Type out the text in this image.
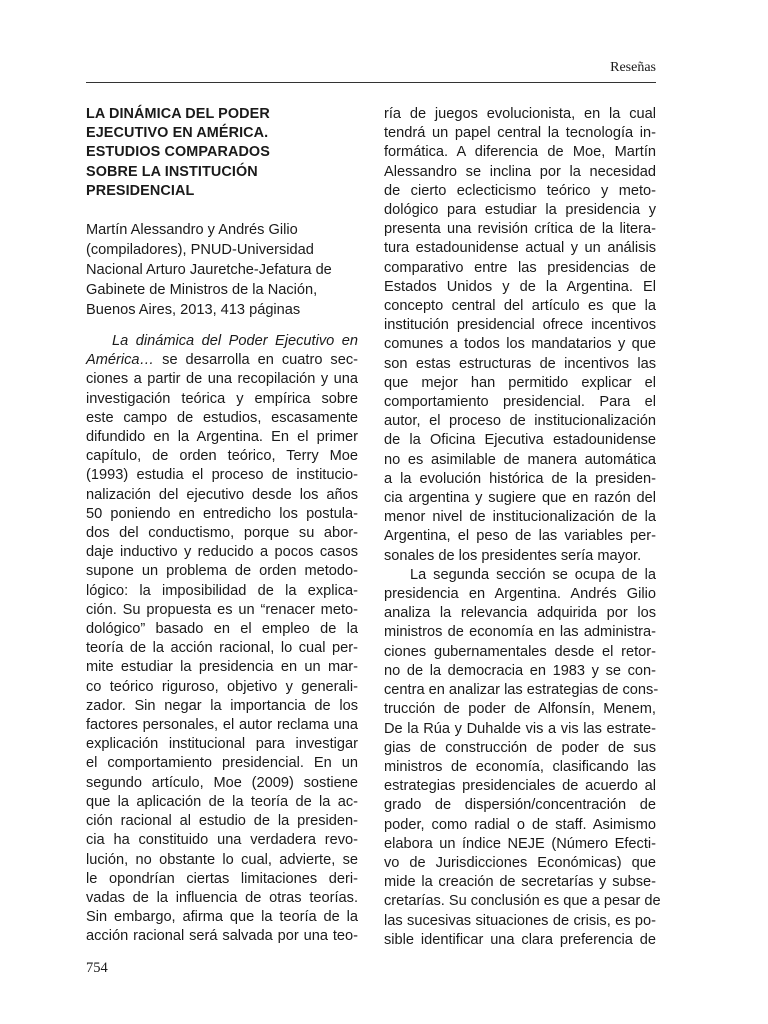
Reseñas
LA DINÁMICA DEL PODER
EJECUTIVO EN AMÉRICA.
ESTUDIOS COMPARADOS
SOBRE LA INSTITUCIÓN
PRESIDENCIAL
Martín Alessandro y Andrés Gilio
(compiladores), PNUD-Universidad
Nacional Arturo Jauretche-Jefatura de
Gabinete de Ministros de la Nación,
Buenos Aires, 2013, 413 páginas
La dinámica del Poder Ejecutivo en
América… se desarrolla en cuatro sec-
ciones a partir de una recopilación y una
investigación teórica y empírica sobre
este campo de estudios, escasamente
difundido en la Argentina. En el primer
capítulo, de orden teórico, Terry Moe
(1993) estudia el proceso de institucio-
nalización del ejecutivo desde los años
50 poniendo en entredicho los postula-
dos del conductismo, porque su abor-
daje inductivo y reducido a pocos casos
supone un problema de orden metodo-
lógico: la imposibilidad de la explica-
ción. Su propuesta es un “renacer meto-
dológico” basado en el empleo de la
teoría de la acción racional, lo cual per-
mite estudiar la presidencia en un mar-
co teórico riguroso, objetivo y generali-
zador. Sin negar la importancia de los
factores personales, el autor reclama una
explicación institucional para investigar
el comportamiento presidencial. En un
segundo artículo, Moe (2009) sostiene
que la aplicación de la teoría de la ac-
ción racional al estudio de la presiden-
cia ha constituido una verdadera revo-
lución, no obstante lo cual, advierte, se
le opondrían ciertas limitaciones deri-
vadas de la influencia de otras teorías.
Sin embargo, afirma que la teoría de la
acción racional será salvada por una teo-
ría de juegos evolucionista, en la cual
tendrá un papel central la tecnología in-
formática. A diferencia de Moe, Martín
Alessandro se inclina por la necesidad
de cierto eclecticismo teórico y meto-
dológico para estudiar la presidencia y
presenta una revisión crítica de la litera-
tura estadounidense actual y un análisis
comparativo entre las presidencias de
Estados Unidos y de la Argentina. El
concepto central del artículo es que la
institución presidencial ofrece incentivos
comunes a todos los mandatarios y que
son estas estructuras de incentivos las
que mejor han permitido explicar el
comportamiento presidencial. Para el
autor, el proceso de institucionalización
de la Oficina Ejecutiva estadounidense
no es asimilable de manera automática
a la evolución histórica de la presiden-
cia argentina y sugiere que en razón del
menor nivel de institucionalización de la
Argentina, el peso de las variables per-
sonales de los presidentes sería mayor.
La segunda sección se ocupa de la
presidencia en Argentina. Andrés Gilio
analiza la relevancia adquirida por los
ministros de economía en las administra-
ciones gubernamentales desde el retor-
no de la democracia en 1983 y se con-
centra en analizar las estrategias de cons-
trucción de poder de Alfonsín, Menem,
De la Rúa y Duhalde vis a vis las estrate-
gias de construcción de poder de sus
ministros de economía, clasificando las
estrategias presidenciales de acuerdo al
grado de dispersión/concentración de
poder, como radial o de staff. Asimismo
elabora un índice NEJE (Número Efecti-
vo de Jurisdicciones Económicas) que
mide la creación de secretarías y subse-
cretarías. Su conclusión es que a pesar de
las sucesivas situaciones de crisis, es po-
sible identificar una clara preferencia de
754
